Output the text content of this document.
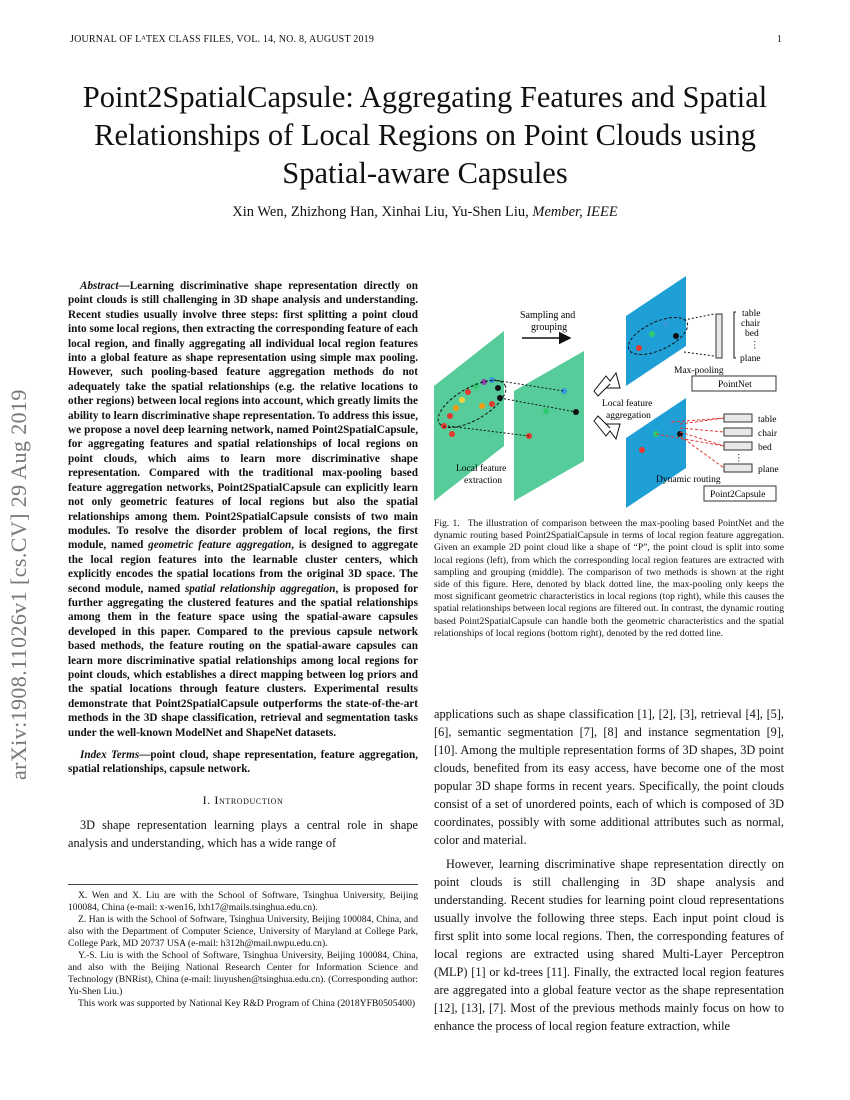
JOURNAL OF LᴬTEX CLASS FILES, VOL. 14, NO. 8, AUGUST 2019	1
Point2SpatialCapsule: Aggregating Features and Spatial Relationships of Local Regions on Point Clouds using Spatial-aware Capsules
Xin Wen, Zhizhong Han, Xinhai Liu, Yu-Shen Liu, Member, IEEE
arXiv:1908.11026v1 [cs.CV] 29 Aug 2019

Abstract—Learning discriminative shape representation directly on point clouds is still challenging in 3D shape analysis and understanding. Recent studies usually involve three steps: first splitting a point cloud into some local regions, then extracting the corresponding feature of each local region, and finally aggregating all individual local region features into a global feature as shape representation using simple max pooling. However, such pooling-based feature aggregation methods do not adequately take the spatial relationships (e.g. the relative locations to other regions) between local regions into account, which greatly limits the ability to learn discriminative shape representation. To address this issue, we propose a novel deep learning network, named Point2SpatialCapsule, for aggregating features and spatial relationships of local regions on point clouds, which aims to learn more discriminative shape representation. Compared with the traditional max-pooling based feature aggregation networks, Point2SpatialCapsule can explicitly learn not only geometric features of local regions but also the spatial relationships among them. Point2SpatialCapsule consists of two main modules. To resolve the disorder problem of local regions, the first module, named geometric feature aggregation, is designed to aggregate the local region features into the learnable cluster centers, which explicitly encodes the spatial locations from the original 3D space. The second module, named spatial relationship aggregation, is proposed for further aggregating the clustered features and the spatial relationships among them in the feature space using the spatial-aware capsules developed in this paper. Compared to the previous capsule network based methods, the feature routing on the spatial-aware capsules can learn more discriminative spatial relationships among local regions for point clouds, which establishes a direct mapping between log priors and the spatial locations through feature clusters. Experimental results demonstrate that Point2SpatialCapsule outperforms the state-of-the-art methods in the 3D shape classification, retrieval and segmentation tasks under the well-known ModelNet and ShapeNet datasets.

Index Terms—point cloud, shape representation, feature aggregation, spatial relationships, capsule network.

I. Introduction

3D shape representation learning plays a central role in shape analysis and understanding, which has a wide range of

X. Wen and X. Liu are with the School of Software, Tsinghua University, Beijing 100084, China (e-mail: x-wen16, lxh17@mails.tsinghua.edu.cn).

Z. Han is with the School of Software, Tsinghua University, Beijing 100084, China, and also with the Department of Computer Science, University of Maryland at College Park, College Park, MD 20737 USA (e-mail: h312h@mail.nwpu.edu.cn).

Y.-S. Liu is with the School of Software, Tsinghua University, Beijing 100084, China, and also with the Beijing National Research Center for Information Science and Technology (BNRist), China (e-mail: liuyushen@tsinghua.edu.cn). (Corresponding author: Yu-Shen Liu.)

This work was supported by National Key R&D Program of China (2018YFB0505400)

Sampling and
grouping
Local feature
extraction
Local feature
aggregation
table
chair
bed
⋮
plane
Max-pooling
PointNet
table
chair
bed
⋮
plane
Dynamic routing
Point2Capsule
Fig. 1. The illustration of comparison between the max-pooling based PointNet and the dynamic routing based Point2SpatialCapsule in terms of local region feature aggregation. Given an example 2D point cloud like a shape of “P”, the point cloud is split into some local regions (left), from which the corresponding local region features are extracted with sampling and grouping (middle). The comparison of two methods is shown at the right side of this figure. Here, denoted by black dotted line, the max-pooling only keeps the most significant geometric characteristics in local regions (top right), while this causes the spatial relationships between local regions are filtered out. In contrast, the dynamic routing based Point2SpatialCapsule can handle both the geometric characteristics and the spatial relationships of local regions (bottom right), denoted by the red dotted line.

applications such as shape classification [1], [2], [3], retrieval [4], [5], [6], semantic segmentation [7], [8] and instance segmentation [9], [10]. Among the multiple representation forms of 3D shapes, 3D point clouds, benefited from its easy access, have become one of the most popular 3D shape forms in recent years. Specifically, the point clouds consist of a set of unordered points, each of which is composed of 3D coordinates, possibly with some additional attributes such as normal, color and material.

However, learning discriminative shape representation directly on point clouds is still challenging in 3D shape analysis and understanding. Recent studies for learning point cloud representations usually involve the following three steps. Each input point cloud is first split into some local regions. Then, the corresponding features of local regions are extracted using shared Multi-Layer Perceptron (MLP) [1] or kd-trees [11]. Finally, the extracted local region features are aggregated into a global feature vector as the shape representation [12], [13], [7]. Most of the previous methods mainly focus on how to enhance the process of local region feature extraction, while
